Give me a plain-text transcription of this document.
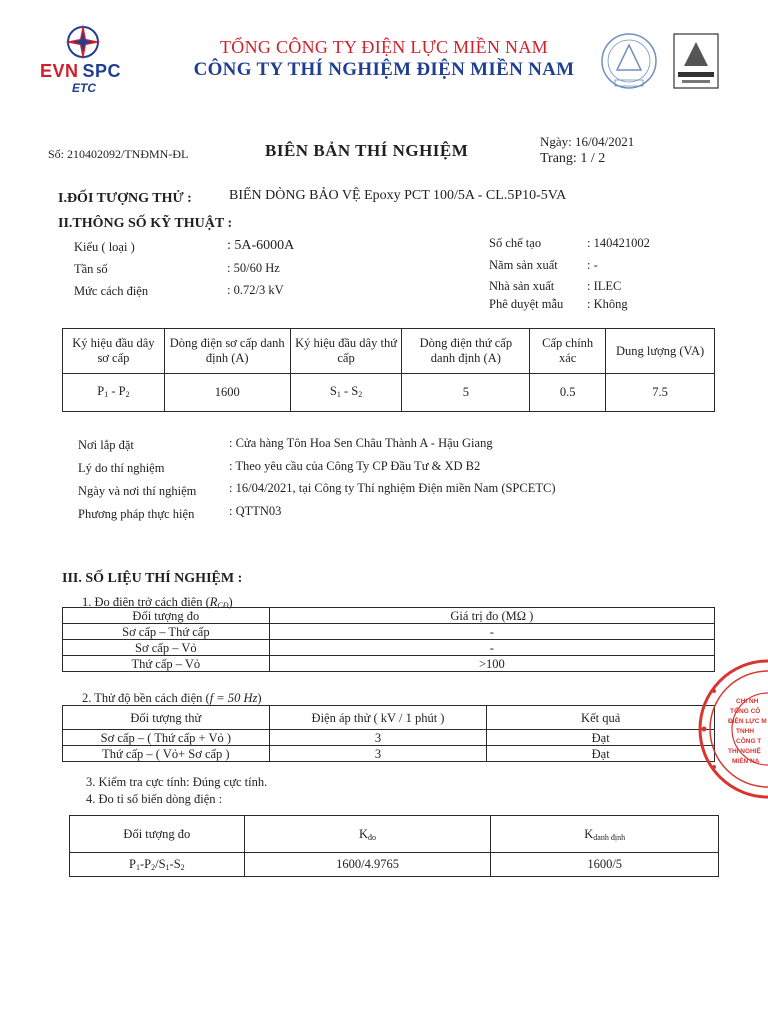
EVN SPC
ETC
TỔNG CÔNG TY ĐIỆN LỰC MIỀN NAM
CÔNG TY THÍ NGHIỆM ĐIỆN MIỀN NAM
Số: 210402092/TNĐMN-ĐL	BIÊN BẢN THÍ NGHIỆM	Ngày: 16/04/2021
Trang: 1 / 2
I.ĐỐI TƯỢNG THỬ :	BIẾN DÒNG BẢO VỆ Epoxy PCT 100/5A - CL.5P10-5VA
II.THÔNG SỐ KỸ THUẬT :
Kiểu ( loại )	: 5A-6000A
Tần số	: 50/60 Hz
Mức cách điện	: 0.72/3 kV
Số chế tạo	: 140421002
Năm sản xuất : -
Nhà sản xuất	: ILEC
Phê duyệt mẫu : Không
Ký hiệu đầu dây sơ cấp	Dòng điện sơ cấp danh định (A)	Ký hiệu đầu dây thứ cấp	Dòng điện thứ cấp danh định (A)	Cấp chính xác	Dung lượng (VA)
$P_1 - P_2$	1600	$S_1 - S_2$	5	0.5	7.5
Nơi lắp đặt	: Cửa hàng Tôn Hoa Sen Châu Thành A - Hậu Giang
Lý do thí nghiệm	: Theo yêu cầu của Công Ty CP Đầu Tư & XD B2
Ngày và nơi thí nghiệm	: 16/04/2021, tại Công ty Thí nghiệm Điện miền Nam (SPCETC)
Phương pháp thực hiện	: QTTN03
III. SỐ LIỆU THÍ NGHIỆM :
1. Đo điện trở cách điện $(R_{CĐ})$
Đối tượng đo	Giá trị đo (MΩ )
Sơ cấp – Thứ cấp	-
Sơ cấp – Vỏ	-
Thứ cấp – Vỏ	>100
2. Thử độ bền cách điện (f = 50 Hz)
Đối tượng thử	Điện áp thử ( kV / 1 phút )	Kết quả
Sơ cấp – ( Thứ cấp + Vỏ )	3	Đạt
Thứ cấp – ( Vỏ+ Sơ cấp )	3	Đạt
3. Kiểm tra cực tính: Đúng cực tính.
4. Đo tỉ số biến dòng điện :
Đối tượng đo	$K_{đo}$	$K_{danh định}$
$P_1-P_2/S_1-S_2$	1600/4.9765	1600/5
CHI NH
TỔNG CÔ
ĐIỆN LỰC M
TNHH
CÔNG T
THÍ NGHIỆ
MIỀN NA
